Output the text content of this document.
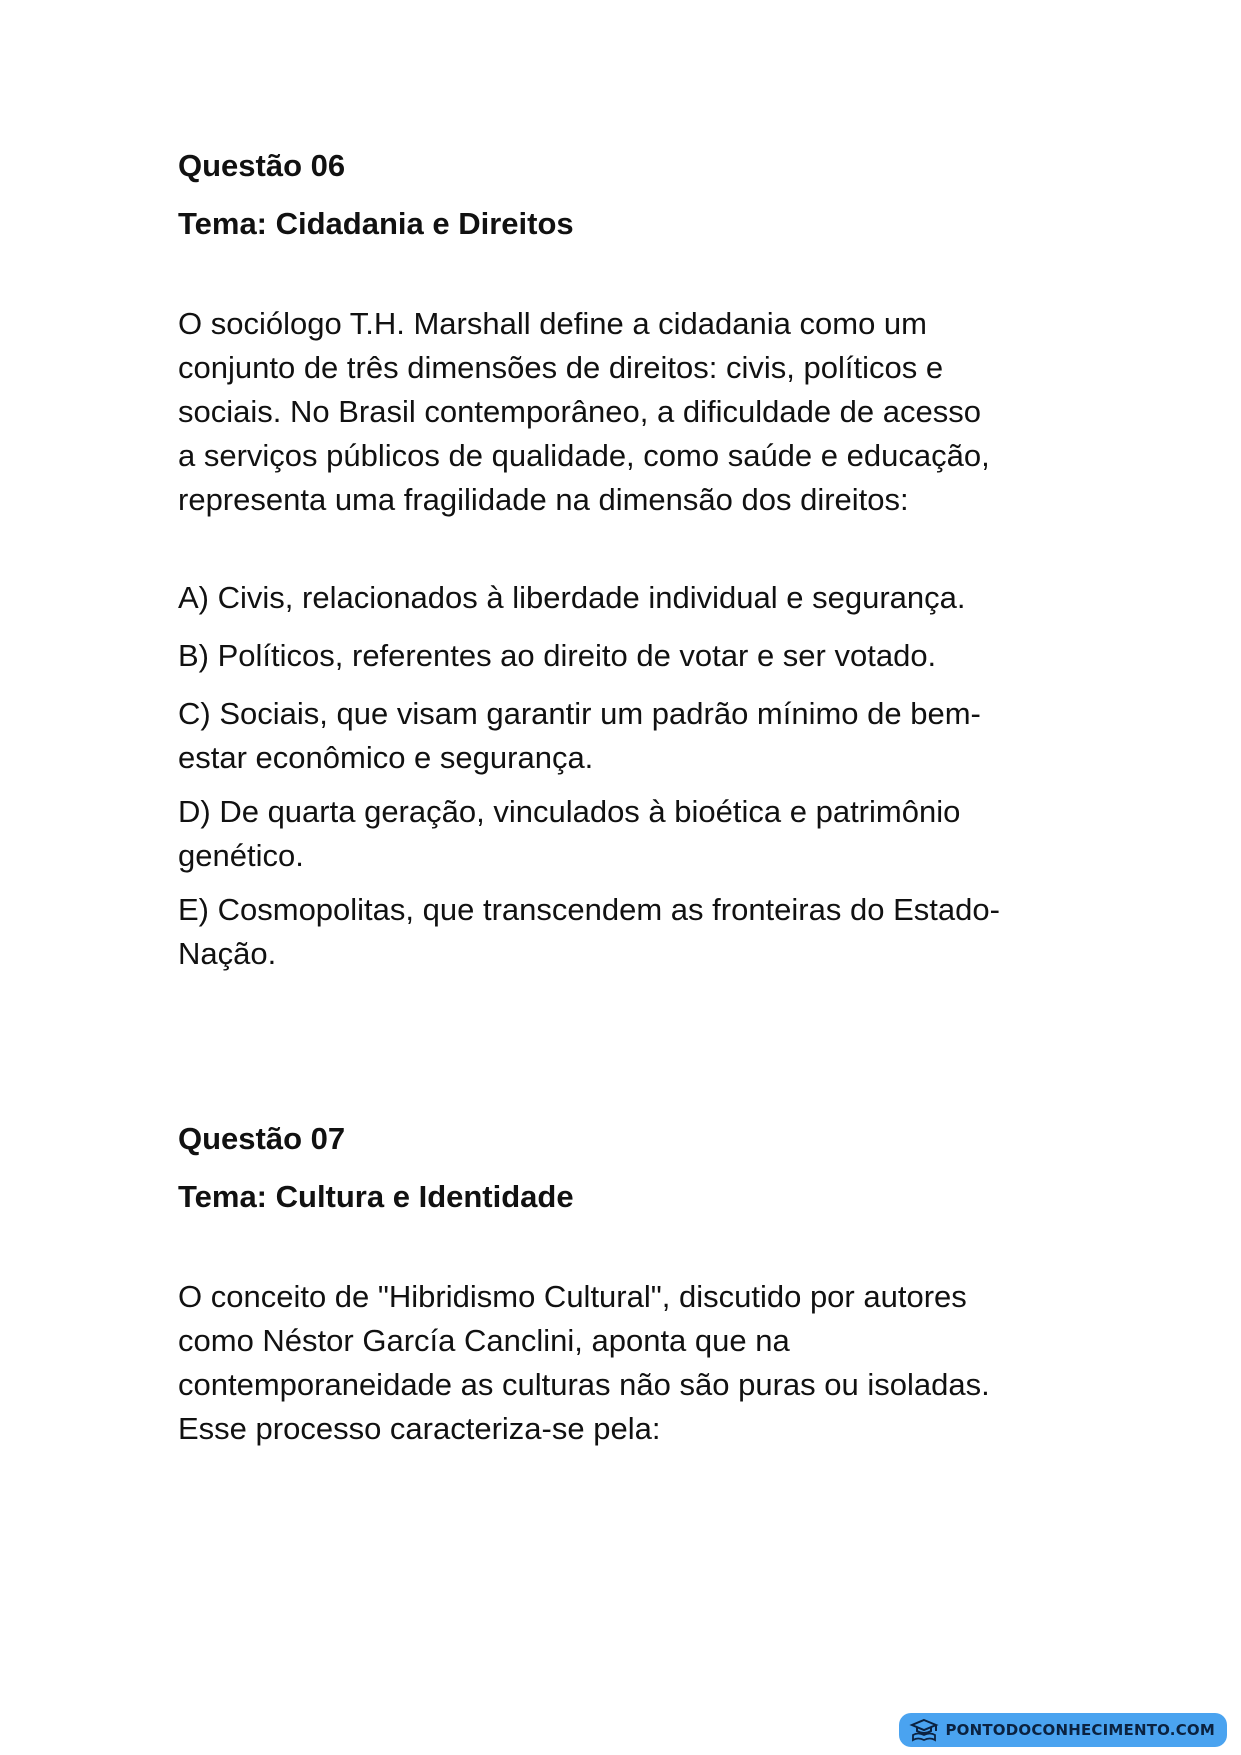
Questão 06
Tema: Cidadania e Direitos
O sociólogo T.H. Marshall define a cidadania como um
conjunto de três dimensões de direitos: civis, políticos e
sociais. No Brasil contemporâneo, a dificuldade de acesso
a serviços públicos de qualidade, como saúde e educação,
representa uma fragilidade na dimensão dos direitos:
A) Civis, relacionados à liberdade individual e segurança.
B) Políticos, referentes ao direito de votar e ser votado.
C) Sociais, que visam garantir um padrão mínimo de bem-
estar econômico e segurança.
D) De quarta geração, vinculados à bioética e patrimônio
genético.
E) Cosmopolitas, que transcendem as fronteiras do Estado-
Nação.
Questão 07
Tema: Cultura e Identidade
O conceito de "Hibridismo Cultural", discutido por autores
como Néstor García Canclini, aponta que na
contemporaneidade as culturas não são puras ou isoladas.
Esse processo caracteriza-se pela:
PONTODOCONHECIMENTO.COM
